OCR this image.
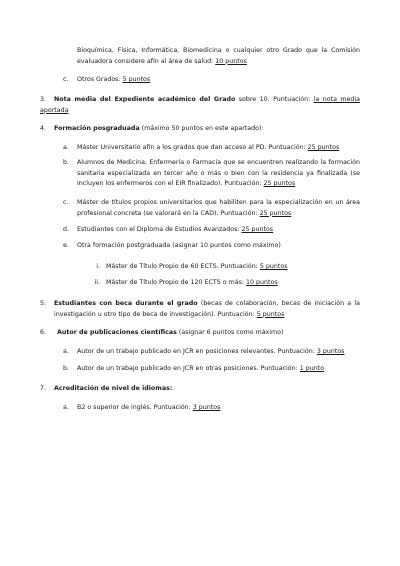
Bioquímica, Física, Informática, Biomedicina o cualquier otro Grado que la Comisión evaluadora considere afín al área de salud: 10 puntos
c. Otros Grados: 5 puntos
3. Nota media del Expediente académico del Grado sobre 10. Puntuación: la nota media aportada
4. Formación posgraduada (máximo 50 puntos en este apartado):
a. Máster Universitario afín a los grados que dan acceso al PD. Puntuación: 25 puntos
b.	Alumnos de Medicina, Enfermería o Farmacia que se encuentren realizando la formación sanitaria especializada en tercer año o más o bien con la residencia ya finalizada (se incluyen los enfermeros con el EIR finalizado). Puntuación: 25 puntos
c.	Máster de títulos propios universitarios que habiliten para la especialización en un área profesional concreta (se valorará en la CAD). Puntuación: 25 puntos
d. Estudiantes con el Diploma de Estudios Avanzados: 25 puntos
e. Otra formación postgraduada (asignar 10 puntos como máximo)
i. Máster de Título Propio de 60 ECTS. Puntuación: 5 puntos
ii. Máster de Título Propio de 120 ECTS o más: 10 puntos
5.	Estudiantes con beca durante el grado (becas de colaboración, becas de iniciación a la investigación u otro tipo de beca de investigación). Puntuación: 5 puntos
6. Autor de publicaciones científicas (asignar 6 puntos como máximo)
a. Autor de un trabajo publicado en JCR en posiciones relevantes. Puntuación: 3 puntos
b. Autor de un trabajo publicado en JCR en otras posiciones. Puntuación: 1 punto
7. Acreditación de nivel de idiomas:
a. B2 o superior de inglés. Puntuación: 3 puntos
